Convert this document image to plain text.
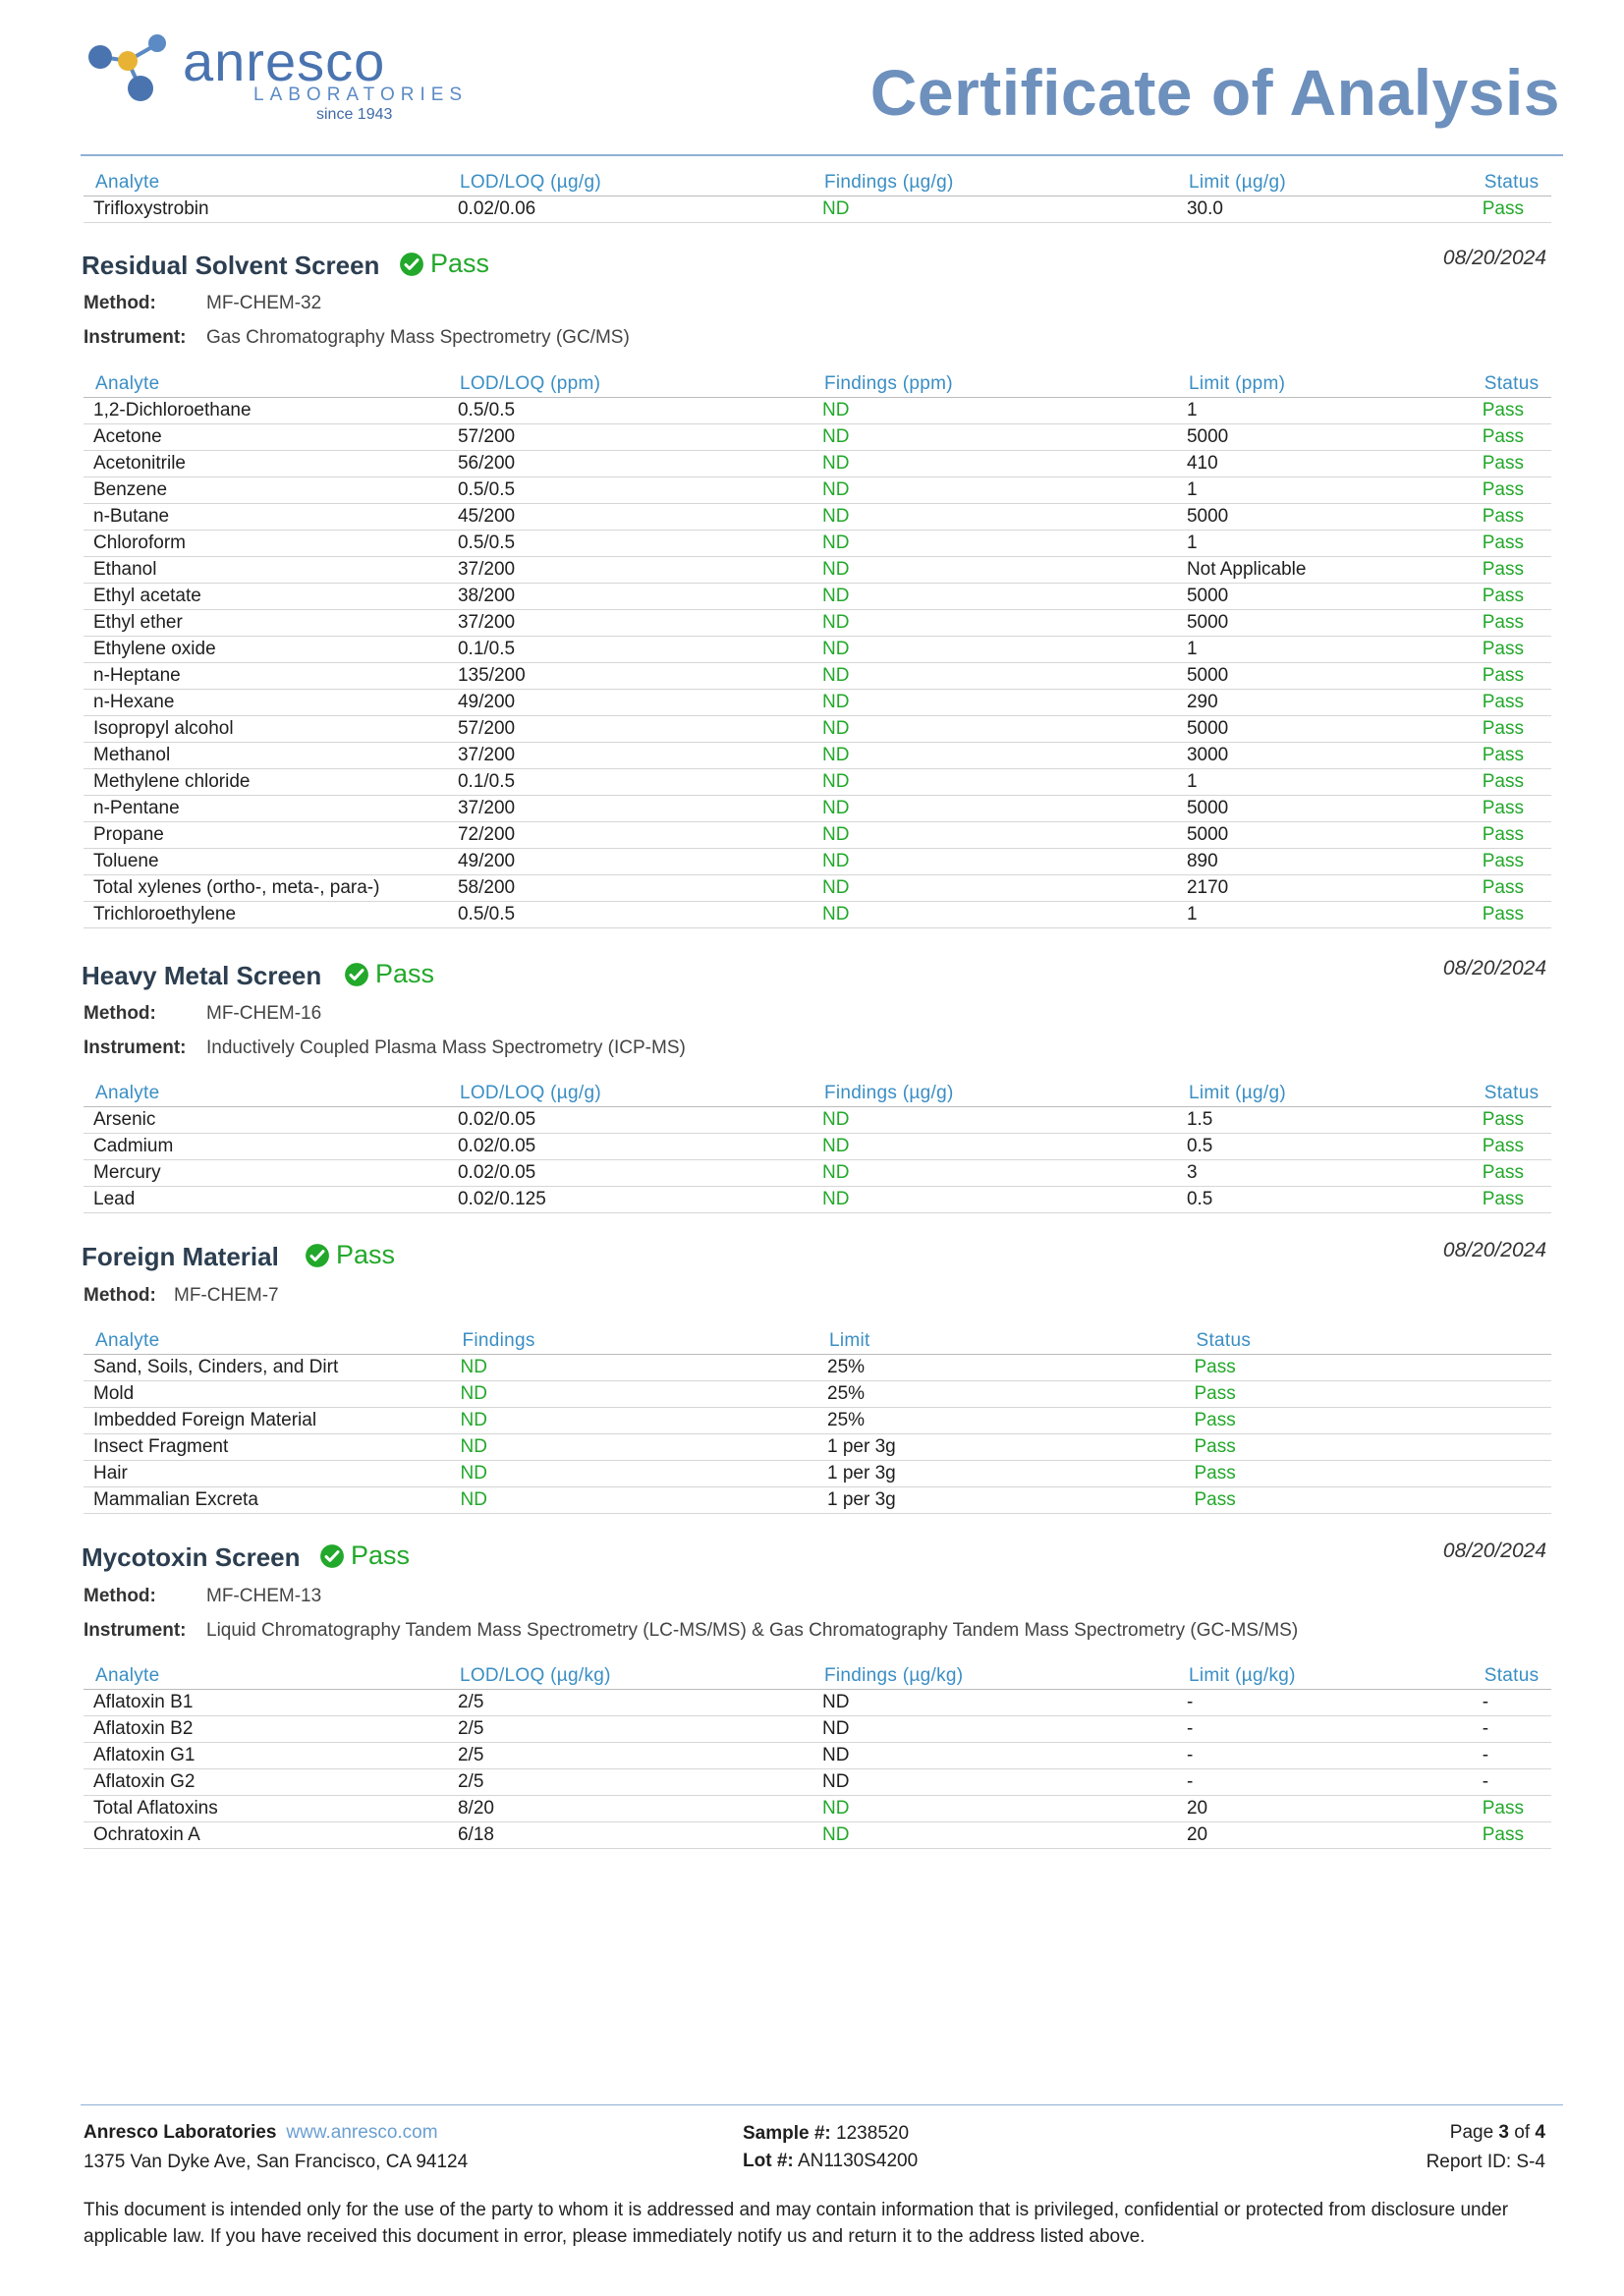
anresco
LABORATORIES
since 1943	Certificate of Analysis
Analyte	LOD/LOQ (µg/g)	Findings (µg/g)	Limit (µg/g)	Status
Trifloxystrobin	0.02/0.06	ND	30.0	Pass
Residual Solvent Screen Pass	08/20/2024
Method:	MF-CHEM-32
Instrument: Gas Chromatography Mass Spectrometry (GC/MS)
Analyte	LOD/LOQ (ppm)	Findings (ppm)	Limit (ppm)	Status
1,2-Dichloroethane	0.5/0.5	ND	1	Pass
Acetone	57/200	ND	5000	Pass
Acetonitrile	56/200	ND	410	Pass
Benzene	0.5/0.5	ND	1	Pass
n-Butane	45/200	ND	5000	Pass
Chloroform	0.5/0.5	ND	1	Pass
Ethanol	37/200	ND	Not Applicable	Pass
Ethyl acetate	38/200	ND	5000	Pass
Ethyl ether	37/200	ND	5000	Pass
Ethylene oxide	0.1/0.5	ND	1	Pass
n-Heptane	135/200	ND	5000	Pass
n-Hexane	49/200	ND	290	Pass
Isopropyl alcohol	57/200	ND	5000	Pass
Methanol	37/200	ND	3000	Pass
Methylene chloride	0.1/0.5	ND	1	Pass
n-Pentane	37/200	ND	5000	Pass
Propane	72/200	ND	5000	Pass
Toluene	49/200	ND	890	Pass
Total xylenes (ortho-, meta-, para-)	58/200	ND	2170	Pass
Trichloroethylene	0.5/0.5	ND	1	Pass
Heavy Metal Screen Pass	08/20/2024
Method:	MF-CHEM-16
Instrument: Inductively Coupled Plasma Mass Spectrometry (ICP-MS)
Analyte	LOD/LOQ (µg/g)	Findings (µg/g)	Limit (µg/g)	Status
Arsenic	0.02/0.05	ND	1.5	Pass
Cadmium	0.02/0.05	ND	0.5	Pass
Mercury	0.02/0.05	ND	3	Pass
Lead	0.02/0.125	ND	0.5	Pass
Foreign Material Pass	08/20/2024
Method: MF-CHEM-7
Analyte	Findings	Limit	Status
Sand, Soils, Cinders, and Dirt	ND	25%	Pass
Mold	ND	25%	Pass
Imbedded Foreign Material	ND	25%	Pass
Insect Fragment	ND	1 per 3g	Pass
Hair	ND	1 per 3g	Pass
Mammalian Excreta	ND	1 per 3g	Pass
Mycotoxin Screen Pass	08/20/2024
Method:	MF-CHEM-13
Instrument: Liquid Chromatography Tandem Mass Spectrometry (LC-MS/MS) & Gas Chromatography Tandem Mass Spectrometry (GC-MS/MS)
Analyte	LOD/LOQ (µg/kg)	Findings (µg/kg)	Limit (µg/kg)	Status
Aflatoxin B1	2/5	ND	-	-
Aflatoxin B2	2/5	ND	-	-
Aflatoxin G1	2/5	ND	-	-
Aflatoxin G2	2/5	ND	-	-
Total Aflatoxins	8/20	ND	20	Pass
Ochratoxin A	6/18	ND	20	Pass
Anresco Laboratories www.anresco.com
1375 Van Dyke Ave, San Francisco, CA 94124
Sample #: 1238520
Lot #: AN1130S4200
Page 3 of 4
Report ID: S-4
This document is intended only for the use of the party to whom it is addressed and may contain information that is privileged, confidential or protected from disclosure under applicable law. If you have received this document in error, please immediately notify us and return it to the address listed above.
